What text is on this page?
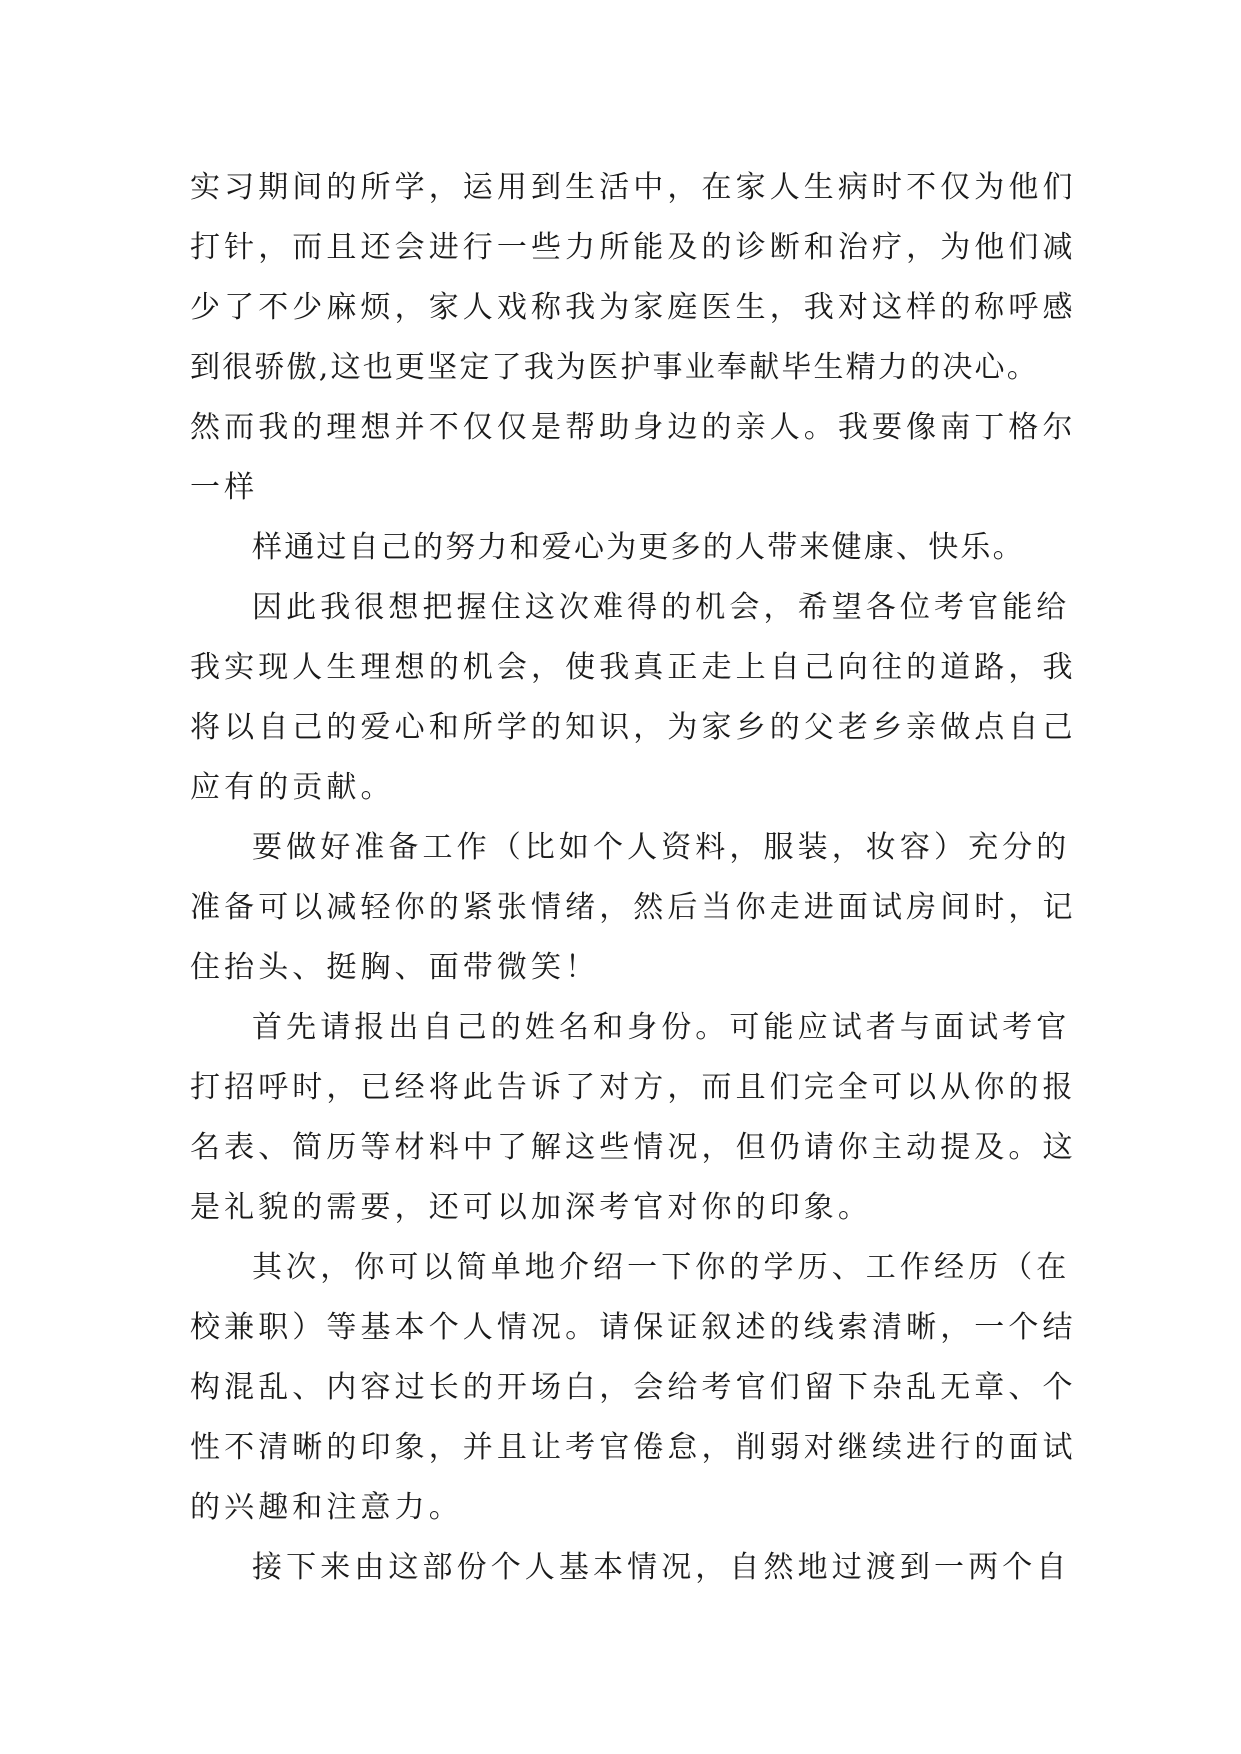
实习期间的所学，运用到生活中，在家人生病时不仅为他们
打针，而且还会进行一些力所能及的诊断和治疗，为他们减
少了不少麻烦，家人戏称我为家庭医生，我对这样的称呼感
到很骄傲,这也更坚定了我为医护事业奉献毕生精力的决心。
然而我的理想并不仅仅是帮助身边的亲人。我要像南丁格尔
一样
样通过自己的努力和爱心为更多的人带来健康、快乐。
因此我很想把握住这次难得的机会，希望各位考官能给
我实现人生理想的机会，使我真正走上自己向往的道路，我
将以自己的爱心和所学的知识，为家乡的父老乡亲做点自己
应有的贡献。
要做好准备工作（比如个人资料，服装，妆容）充分的
准备可以减轻你的紧张情绪，然后当你走进面试房间时，记
住抬头、挺胸、面带微笑！
首先请报出自己的姓名和身份。可能应试者与面试考官
打招呼时，已经将此告诉了对方，而且们完全可以从你的报
名表、简历等材料中了解这些情况，但仍请你主动提及。这
是礼貌的需要，还可以加深考官对你的印象。
其次，你可以简单地介绍一下你的学历、工作经历（在
校兼职）等基本个人情况。请保证叙述的线索清晰，一个结
构混乱、内容过长的开场白，会给考官们留下杂乱无章、个
性不清晰的印象，并且让考官倦怠，削弱对继续进行的面试
的兴趣和注意力。
接下来由这部份个人基本情况，自然地过渡到一两个自
